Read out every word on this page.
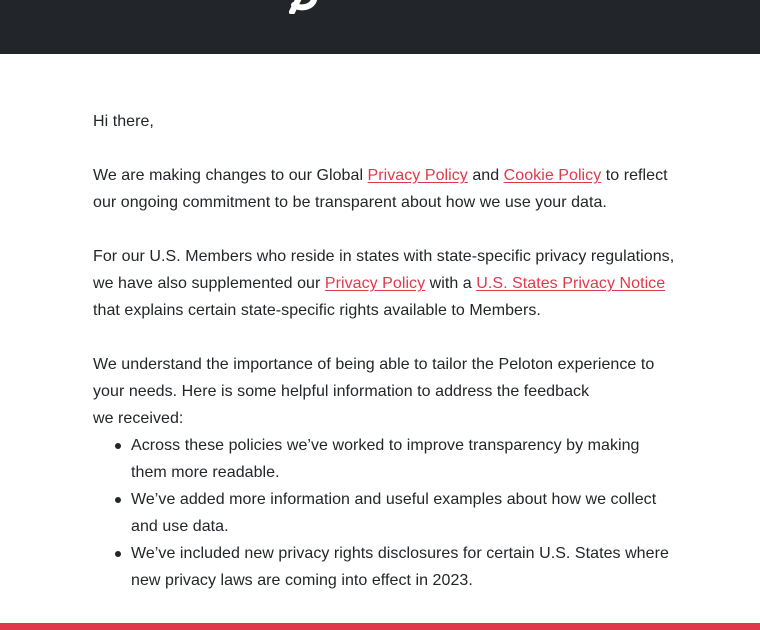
Hi there,

We are making changes to our Global Privacy Policy and Cookie Policy to reflect our ongoing commitment to be transparent about how we use your data.

For our U.S. Members who reside in states with state-specific privacy regulations, we have also supplemented our Privacy Policy with a U.S. States Privacy Notice that explains certain state-specific rights available to Members.

We understand the importance of being able to tailor the Peloton experience to your needs. Here is some helpful information to address the feedback
we received:

Across these policies we’ve worked to improve transparency by making them more readable.
We’ve added more information and useful examples about how we collect and use data.
We’ve included new privacy rights disclosures for certain U.S. States where new privacy laws are coming into effect in 2023.
